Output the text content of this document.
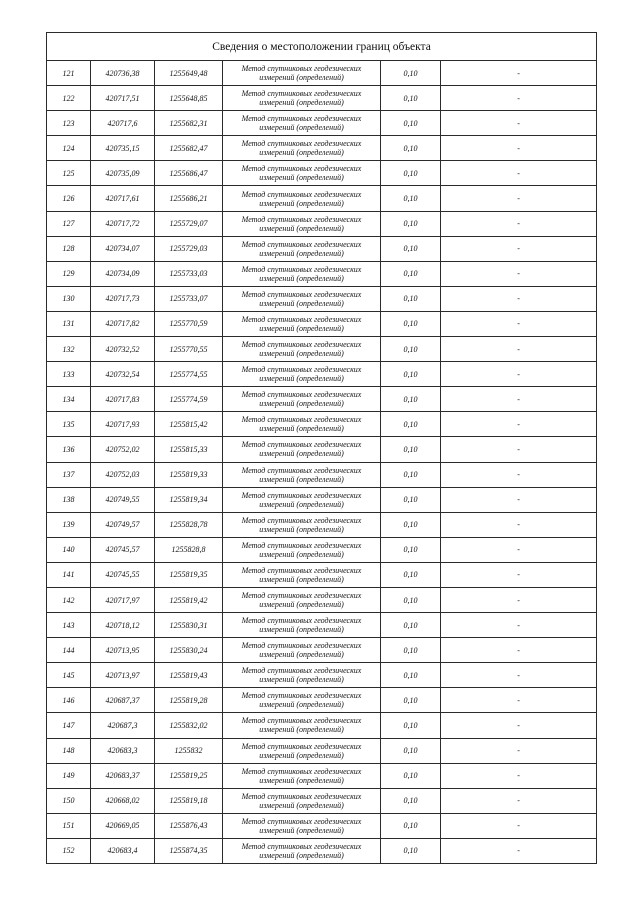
Сведения о местоположении границ объекта					
121	420736,38	1255649,48	Метод спутниковых геодезических
измерений (определений)	0,10	-
122	420717,51	1255648,85	Метод спутниковых геодезических
измерений (определений)	0,10	-
123	420717,6	1255682,31	Метод спутниковых геодезических
измерений (определений)	0,10	-
124	420735,15	1255682,47	Метод спутниковых геодезических
измерений (определений)	0,10	-
125	420735,09	1255686,47	Метод спутниковых геодезических
измерений (определений)	0,10	-
126	420717,61	1255686,21	Метод спутниковых геодезических
измерений (определений)	0,10	-
127	420717,72	1255729,07	Метод спутниковых геодезических
измерений (определений)	0,10	-
128	420734,07	1255729,03	Метод спутниковых геодезических
измерений (определений)	0,10	-
129	420734,09	1255733,03	Метод спутниковых геодезических
измерений (определений)	0,10	-
130	420717,73	1255733,07	Метод спутниковых геодезических
измерений (определений)	0,10	-
131	420717,82	1255770,59	Метод спутниковых геодезических
измерений (определений)	0,10	-
132	420732,52	1255770,55	Метод спутниковых геодезических
измерений (определений)	0,10	-
133	420732,54	1255774,55	Метод спутниковых геодезических
измерений (определений)	0,10	-
134	420717,83	1255774,59	Метод спутниковых геодезических
измерений (определений)	0,10	-
135	420717,93	1255815,42	Метод спутниковых геодезических
измерений (определений)	0,10	-
136	420752,02	1255815,33	Метод спутниковых геодезических
измерений (определений)	0,10	-
137	420752,03	1255819,33	Метод спутниковых геодезических
измерений (определений)	0,10	-
138	420749,55	1255819,34	Метод спутниковых геодезических
измерений (определений)	0,10	-
139	420749,57	1255828,78	Метод спутниковых геодезических
измерений (определений)	0,10	-
140	420745,57	1255828,8	Метод спутниковых геодезических
измерений (определений)	0,10	-
141	420745,55	1255819,35	Метод спутниковых геодезических
измерений (определений)	0,10	-
142	420717,97	1255819,42	Метод спутниковых геодезических
измерений (определений)	0,10	-
143	420718,12	1255830,31	Метод спутниковых геодезических
измерений (определений)	0,10	-
144	420713,95	1255830,24	Метод спутниковых геодезических
измерений (определений)	0,10	-
145	420713,97	1255819,43	Метод спутниковых геодезических
измерений (определений)	0,10	-
146	420687,37	1255819,28	Метод спутниковых геодезических
измерений (определений)	0,10	-
147	420687,3	1255832,02	Метод спутниковых геодезических
измерений (определений)	0,10	-
148	420683,3	1255832	Метод спутниковых геодезических
измерений (определений)	0,10	-
149	420683,37	1255819,25	Метод спутниковых геодезических
измерений (определений)	0,10	-
150	420668,02	1255819,18	Метод спутниковых геодезических
измерений (определений)	0,10	-
151	420669,05	1255876,43	Метод спутниковых геодезических
измерений (определений)	0,10	-
152	420683,4	1255874,35	Метод спутниковых геодезических
измерений (определений)	0,10	-
